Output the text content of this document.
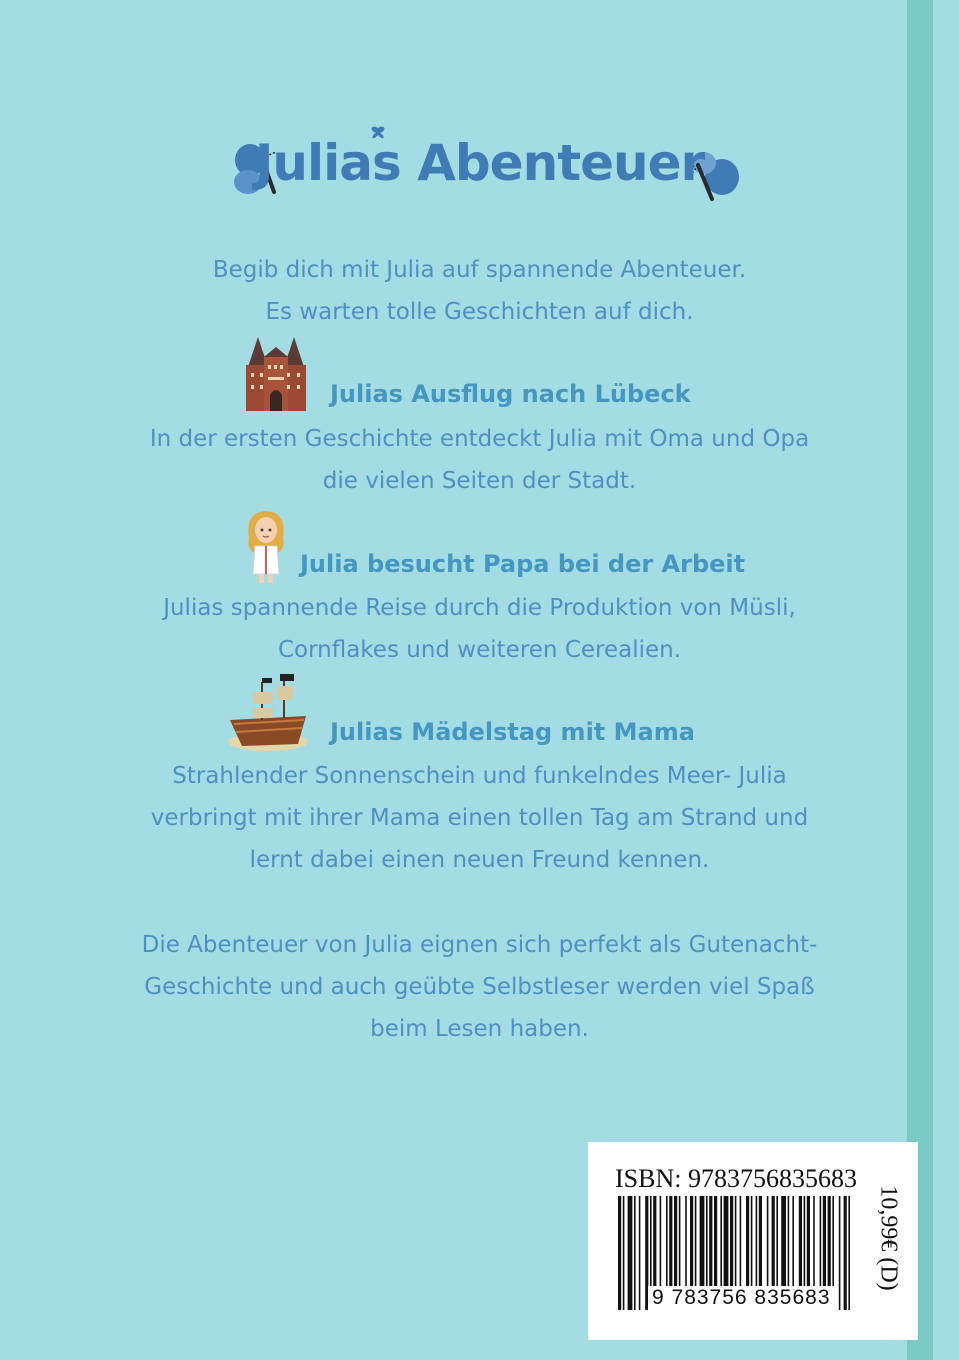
Julias Abenteuer
Begib dich mit Julia auf spannende Abenteuer.
Es warten tolle Geschichten auf dich.
Julias Ausflug nach Lübeck
In der ersten Geschichte entdeckt Julia mit Oma und Opa
die vielen Seiten der Stadt.
Julia besucht Papa bei der Arbeit
Julias spannende Reise durch die Produktion von Müsli,
Cornflakes und weiteren Cerealien.
Julias Mädelstag mit Mama
Strahlender Sonnenschein und funkelndes Meer- Julia
verbringt mit ihrer Mama einen tollen Tag am Strand und
lernt dabei einen neuen Freund kennen.
Die Abenteuer von Julia eignen sich perfekt als Gutenacht-
Geschichte und auch geübte Selbstleser werden viel Spaß
beim Lesen haben.
ISBN: 9783756835683
9 783756 835683
10,99€ (D)
